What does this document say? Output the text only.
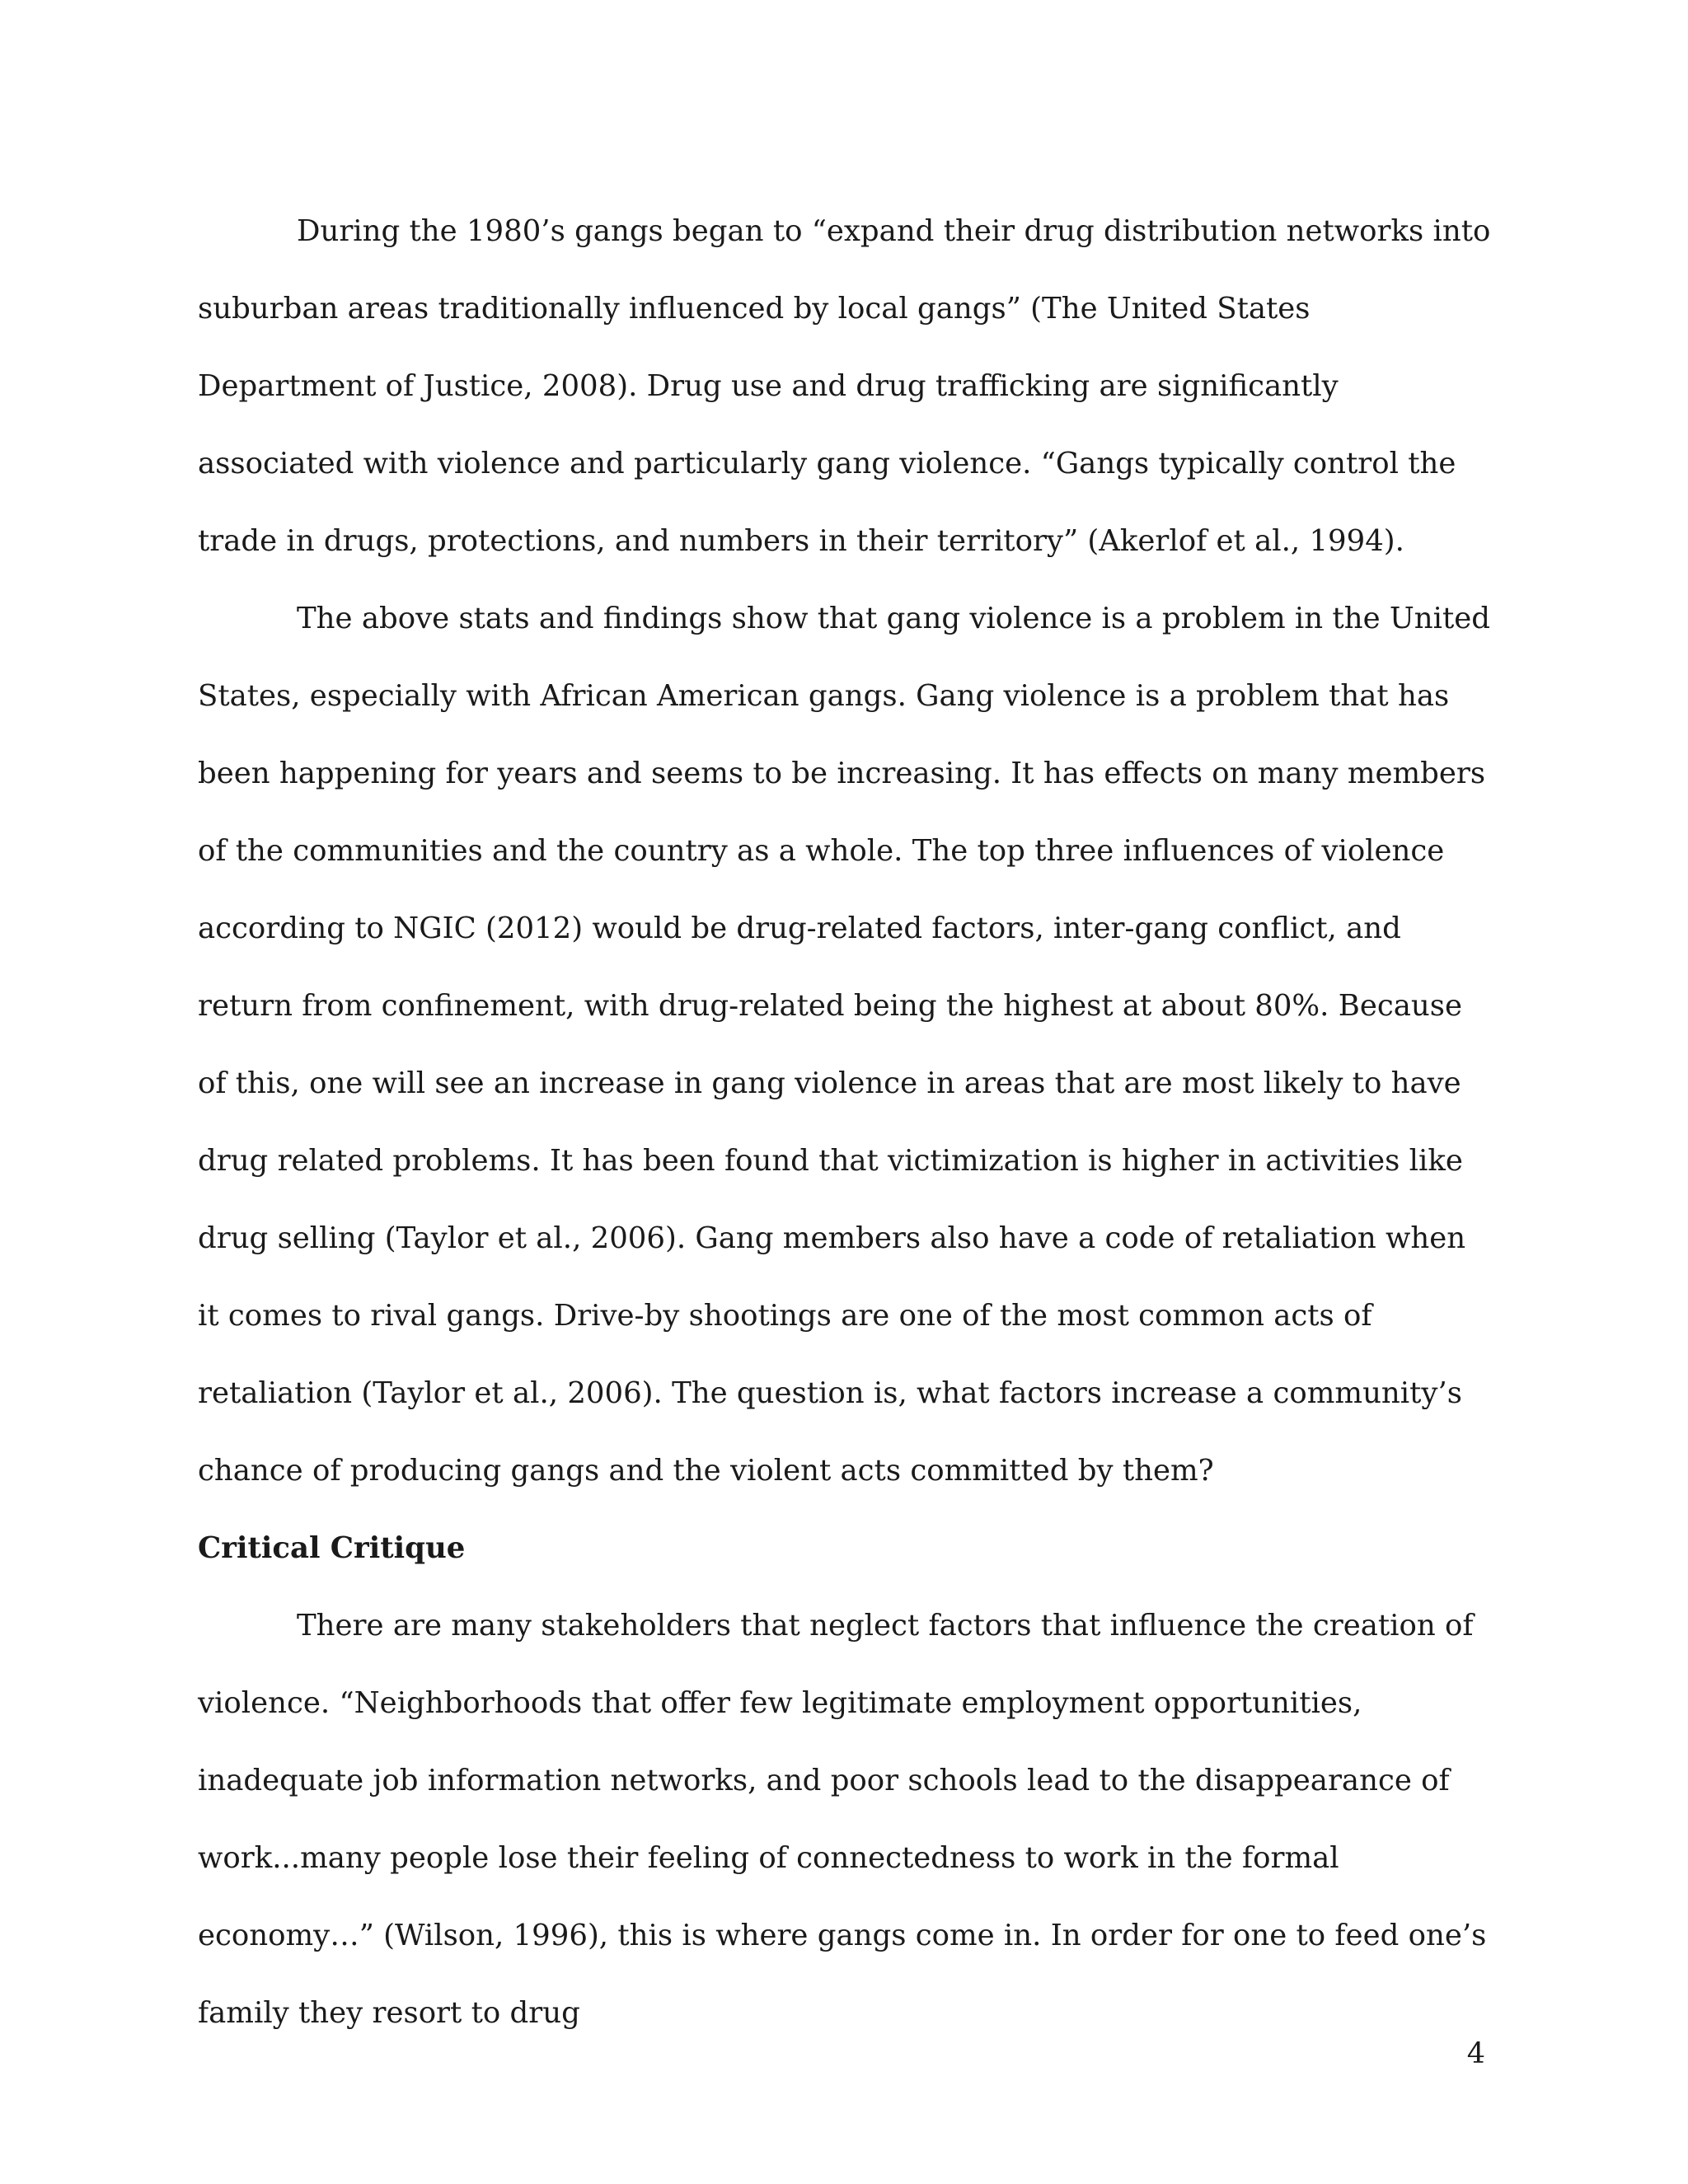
During the 1980’s gangs began to “expand their drug distribution networks into suburban areas traditionally influenced by local gangs” (The United States Department of Justice, 2008). Drug use and drug trafficking are significantly associated with violence and particularly gang violence. “Gangs typically control the trade in drugs, protections, and numbers in their territory” (Akerlof et al., 1994).

The above stats and findings show that gang violence is a problem in the United States, especially with African American gangs. Gang violence is a problem that has been happening for years and seems to be increasing. It has effects on many members of the communities and the country as a whole. The top three influences of violence according to NGIC (2012) would be drug-related factors, inter-gang conflict, and return from confinement, with drug-related being the highest at about 80%. Because of this, one will see an increase in gang violence in areas that are most likely to have drug related problems. It has been found that victimization is higher in activities like drug selling (Taylor et al., 2006). Gang members also have a code of retaliation when it comes to rival gangs. Drive-by shootings are one of the most common acts of retaliation (Taylor et al., 2006). The question is, what factors increase a community’s chance of producing gangs and the violent acts committed by them?

Critical Critique

There are many stakeholders that neglect factors that influence the creation of violence. “Neighborhoods that offer few legitimate employment opportunities, inadequate job information networks, and poor schools lead to the disappearance of work...many people lose their feeling of connectedness to work in the formal economy…” (Wilson, 1996), this is where gangs come in. In order for one to feed one’s family they resort to drug

4
